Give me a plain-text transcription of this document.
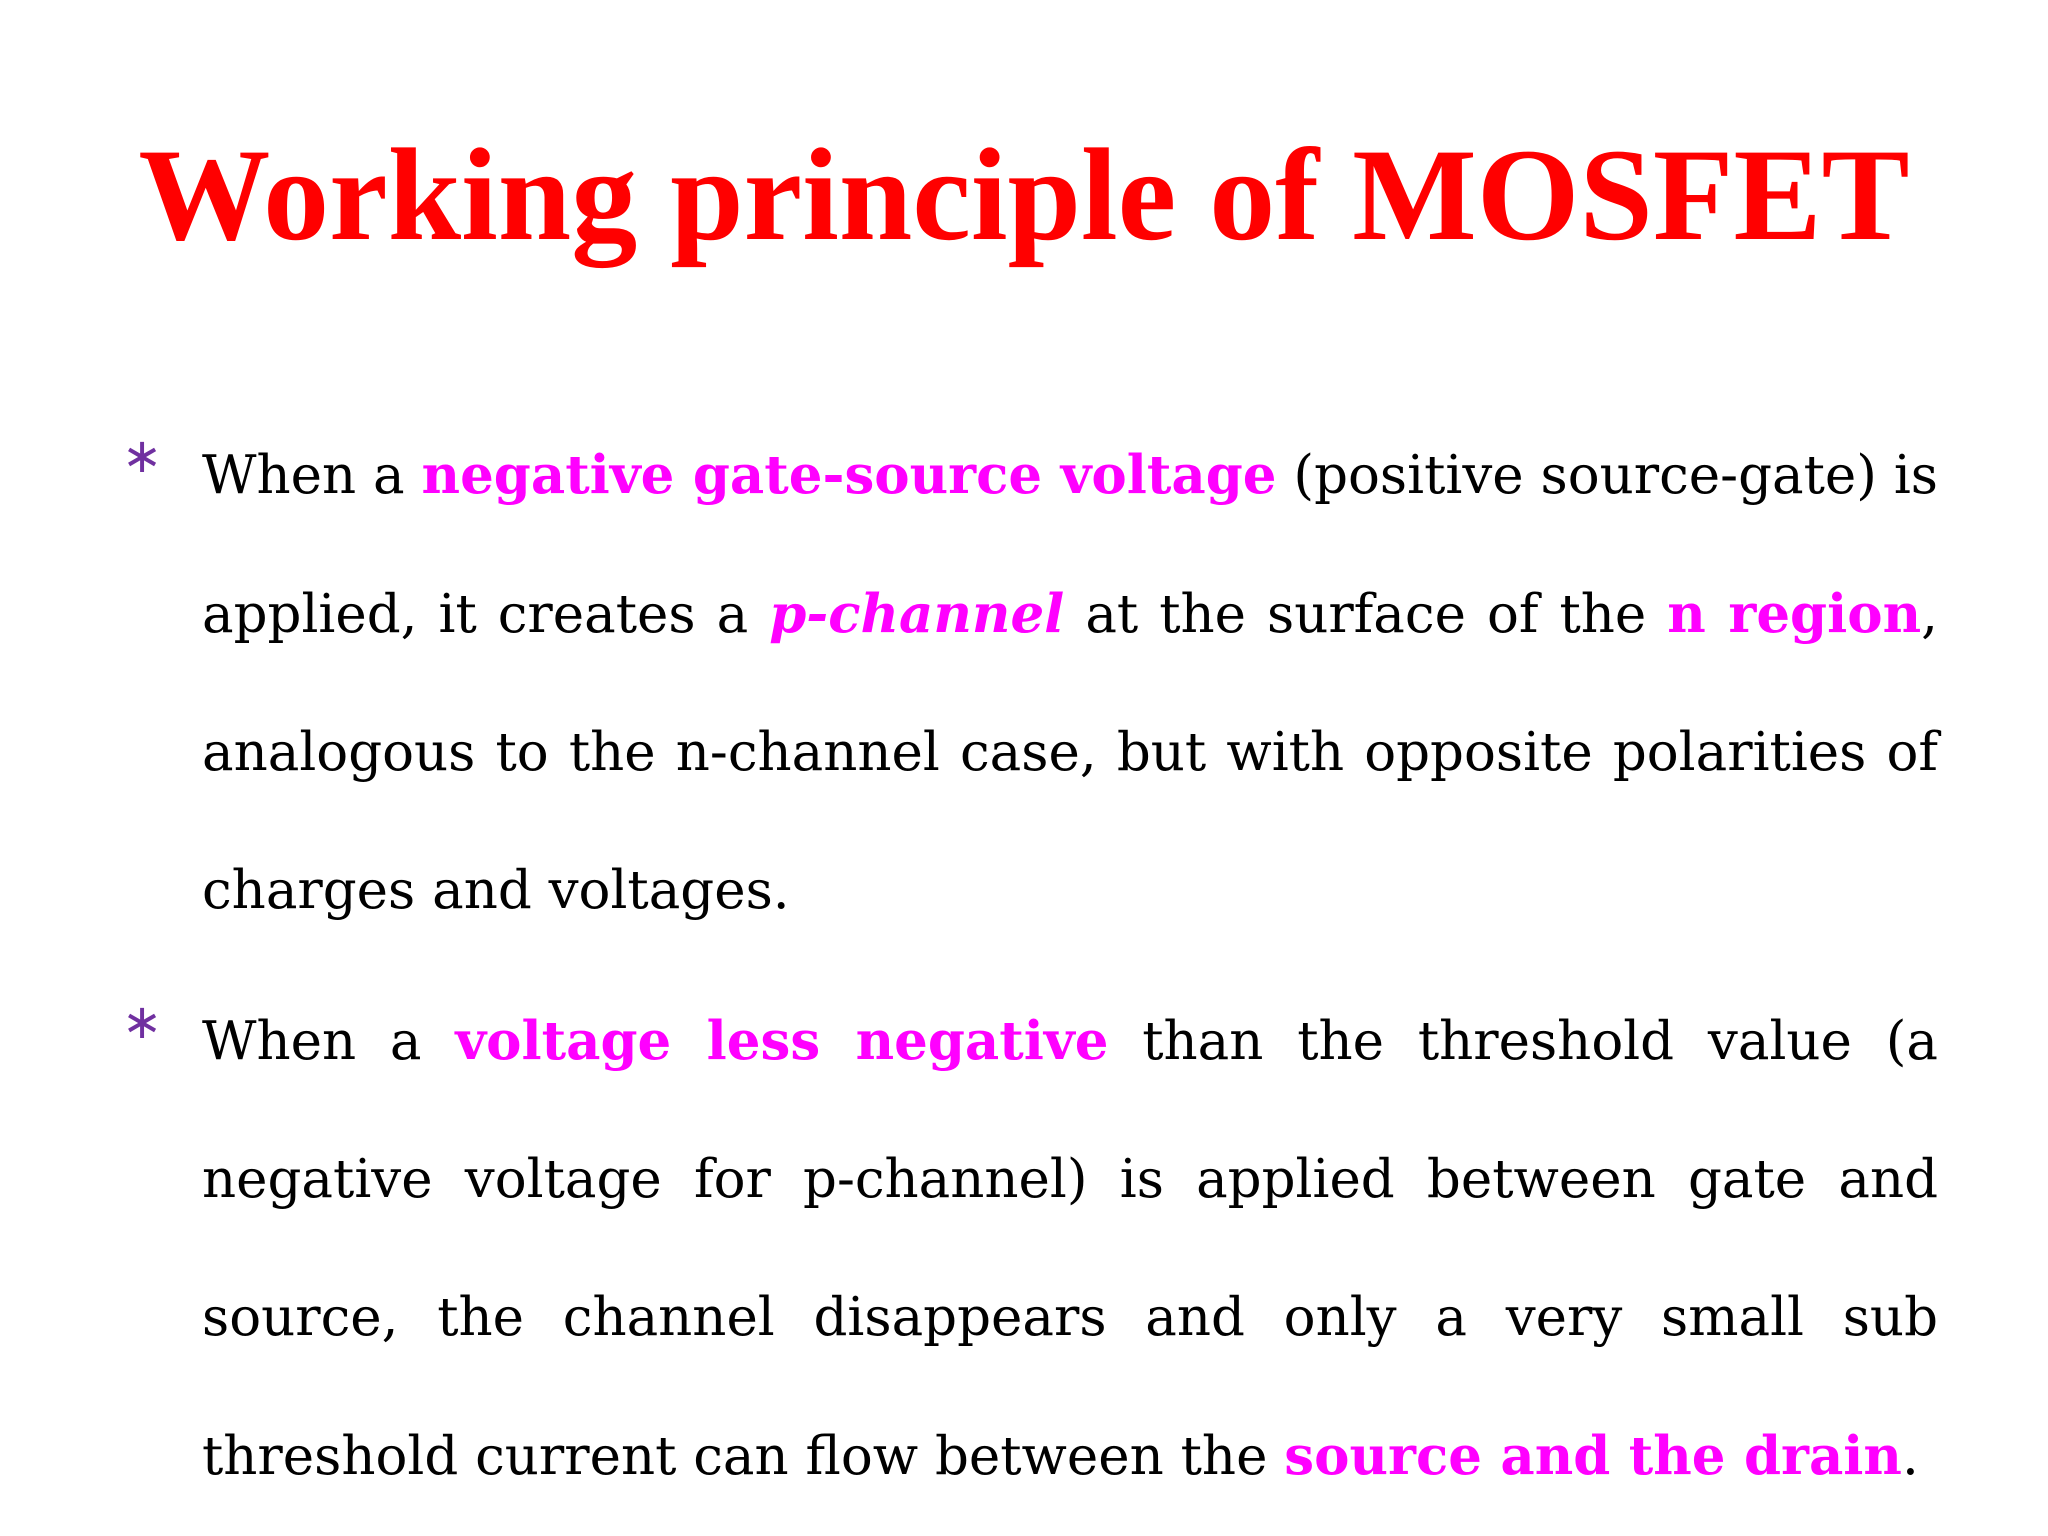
Working principle of MOSFET
∗ When a negative gate-source voltage (positive source-gate) is applied, it creates a p-channel at the surface of the n region, analogous to the n-channel case, but with opposite polarities of charges and voltages.

∗ When a voltage less negative than the threshold value (a negative voltage for p-channel) is applied between gate and source, the channel disappears and only a very small sub threshold current can flow between the source and the drain.
